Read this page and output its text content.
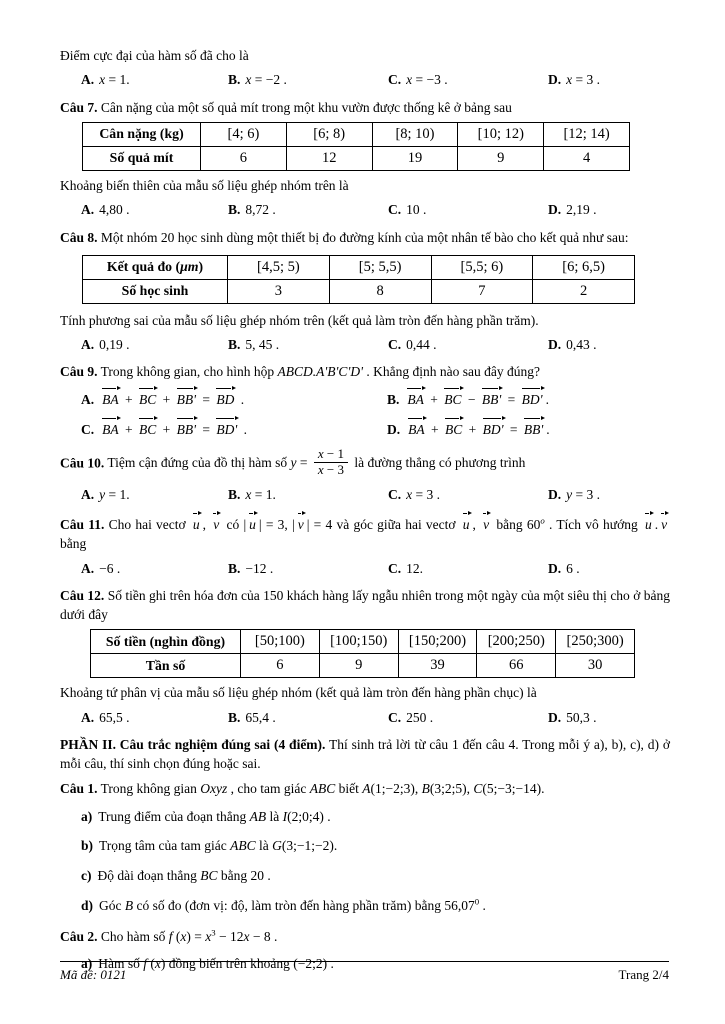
Điểm cực đại của hàm số đã cho là

A. x = 1.	B. x = −2 .	C. x = −3 .	D. x = 3 .

Câu 7. Cân nặng của một số quả mít trong một khu vườn được thống kê ở bảng sau

Cân nặng (kg)	[4; 6)	[6; 8)	[8; 10)	[10; 12)	[12; 14)
Số quả mít	6	12	19	9	4

Khoảng biến thiên của mẫu số liệu ghép nhóm trên là

A. 4,80 .	B. 8,72 .	C. 10 .	D. 2,19 .

Câu 8. Một nhóm 20 học sinh dùng một thiết bị đo đường kính của một nhân tế bào cho kết quả như sau:

Kết quả đo (μm)	[4,5; 5)	[5; 5,5)	[5,5; 6)	[6; 6,5)
Số học sinh	3	8	7	2

Tính phương sai của mẫu số liệu ghép nhóm trên (kết quả làm tròn đến hàng phần trăm).

A. 0,19 .	B. 5, 45 .	C. 0,44 .	D. 0,43 .

Câu 9. Trong không gian, cho hình hộp ABCD.A'B'C'D' . Khẳng định nào sau đây đúng?

A. BA + BC + BB' = BD .	B. BA + BC − BB' = BD' .
C. BA + BC + BB' = BD' .	D. BA + BC + BD' = BB' .

Câu 10. Tiệm cận đứng của đồ thị hàm số $y = \frac{x - 1}{x - 3}$ là đường thẳng có phương trình

A. y = 1.	B. x = 1.	C. x = 3 .	D. y = 3 .

Câu 11. Cho hai vectơ u , v có | u | = 3, | v | = 4 và góc giữa hai vectơ u , v bằng 60$^o$ . Tích vô hướng u . v bằng

A. −6 .	B. −12 .	C. 12.	D. 6 .

Câu 12. Số tiền ghi trên hóa đơn của 150 khách hàng lấy ngẫu nhiên trong một ngày của một siêu thị cho ở bảng dưới đây

Số tiền (nghìn đồng)	[50;100)	[100;150)	[150;200)	[200;250)	[250;300)
Tần số	6	9	39	66	30

Khoảng tứ phân vị của mẫu số liệu ghép nhóm (kết quả làm tròn đến hàng phần chục) là

A. 65,5 .	B. 65,4 .	C. 250 .	D. 50,3 .

PHẦN II. Câu trắc nghiệm đúng sai (4 điểm). Thí sinh trả lời từ câu 1 đến câu 4. Trong mỗi ý a), b), c), d) ở mỗi câu, thí sinh chọn đúng hoặc sai.

Câu 1. Trong không gian Oxyz , cho tam giác ABC biết A(1;−2;3), B(3;2;5), C(5;−3;−14).

a) Trung điểm của đoạn thẳng AB là I(2;0;4) .

b) Trọng tâm của tam giác ABC là G(3;−1;−2).

c) Độ dài đoạn thẳng BC bằng 20 .

d) Góc B có số đo (đơn vị: độ, làm tròn đến hàng phần trăm) bằng 56,07$^0$ .

Câu 2. Cho hàm số f $(x) = x^3 - 12x - 8$ .

a) Hàm số f (x) đồng biến trên khoảng (−2;2) .

Mã đề: 0121	Trang 2/4
